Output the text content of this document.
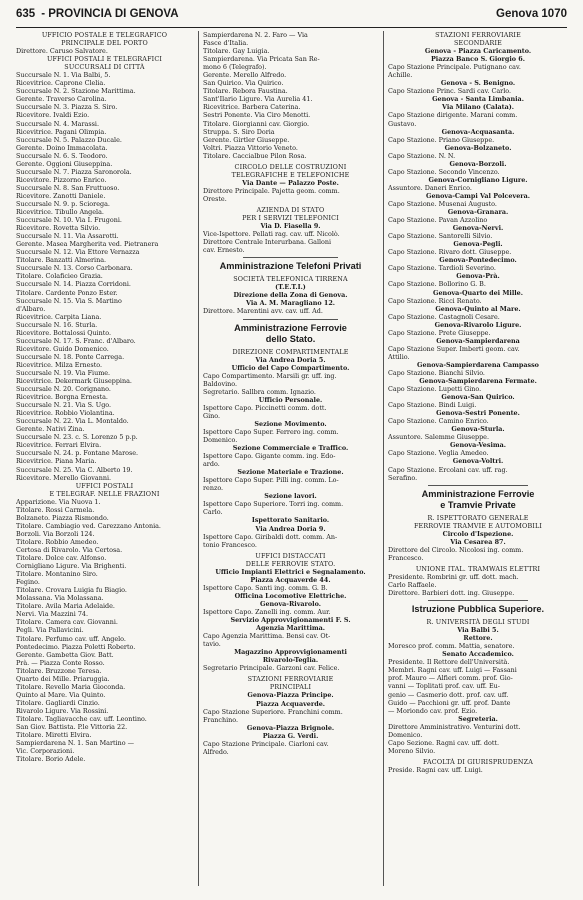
635 - PROVINCIA DI GENOVA	Genova 1070
UFFICIO POSTALE E TELEGRAFICO
PRINCIPALE DEL PORTO
Direttore. Caruso Salvatore.
UFFICI POSTALI E TELEGRAFICI
SUCCURSALI DI CITTÀ
Succursale N. 1. Via Balbi, 5.
Ricevitrice. Caprone Clelia.
Succursale N. 2. Stazione Marittima.
Gerente. Traverso Carolina.
Succursale N. 3. Piazza S. Siro.
Ricevitore. Ivaldi Ezio.
Succursale N. 4. Marassi.
Ricevitrice. Pagani Olimpia.
Succursale N. 5. Palazzo Ducale.
Gerente. Doino Immacolata.
Succursale N. 6. S. Teodoro.
Gerente. Oggioni Giuseppina.
Succursale N. 7. Piazza Saronorola.
Ricevitore. Pizzorno Enrico.
Succursale N. 8. San Fruttuoso.
Ricevitore. Zanotti Daniele.
Succursale N. 9. p. Sciorega.
Ricevitrice. Tibullo Angela.
Succursale N. 10. Via I. Frugoni.
Ricevitore. Rovetta Silvio.
Succursale N. 11. Via Assarotti.
Gerente. Masea Margherita ved. Pietranera
Succursale N. 12. Via Ettore Vernazza
Titolare. Banzatti Almerina.
Succursale N. 13. Corso Carbonara.
Titolare. Colaficieo Grazia.
Succursale N. 14. Piazza Corridoni.
Titolare. Cardente Ponzo Ester.
Succursale N. 15. Via S. Martino
d'Albaro.
Ricevitrice. Carpita Liana.
Succursale N. 16. Sturla.
Ricevitore. Bottalossi Quinto.
Succursale N. 17. S. Franc. d'Albaro.
Ricevitore. Guido Domenico.
Succursale N. 18. Ponte Carrega.
Ricevitrice. Milza Ernesto.
Succursale N. 19. Via Fiume.
Ricevitrice. Dekermark Giuseppina.
Succursale N. 20. Corignano.
Ricevitrice. Borgna Ernesta.
Succursale N. 21. Via S. Ugo.
Ricevitrice. Robbio Violantina.
Succursale N. 22. Via L. Montaldo.
Gerente. Nativi Zina.
Succursale N. 23. c. S. Lorenzo 5 p.p.
Ricevitrice. Ferrari Elvira.
Succursale N. 24. p. Fontane Marose.
Ricevitrice. Piana Maria.
Succursale N. 25. Via C. Alberto 19.
Ricevitore. Merello Giovanni.
UFFICI POSTALI
E TELEGRAF. NELLE FRAZIONI
Apparizione. Via Nuova 1.
Titolare. Rossi Carmela.
Bolzaneto. Piazza Rismondo.
Titolare. Cambiagio ved. Carezzano Antonia.
Borzoli. Via Borzoli 124.
Titolare. Robbio Amedeo.
Certosa di Rivarolo. Via Certosa.
Titolare. Dolce cav. Alfonso.
Cornigliano Ligure. Via Brighenti.
Titolare. Montanino Siro.
Fegino.
Titolare. Crovara Luigia fu Biagio.
Molassana. Via Molassana.
Titolare. Avila Maria Adelaide.
Nervi. Via Mazzini 74.
Titolare. Camera cav. Giovanni.
Pegli. Via Pallavicini.
Titolare. Perfumo cav. uff. Angelo.
Pontedecimo. Piazza Poletti Roberto.
Gerente. Gambetta Giov. Batt.
Prà. — Piazza Conte Rosso.
Titolare. Bruzzone Teresa.
Quarto dei Mille. Priaruggia.
Titolare. Revello Maria Gioconda.
Quinto al Mare. Via Quinto.
Titolare. Gagliardi Cinzio.
Rivarolo Ligure. Via Rossini.
Titolare. Tagliavacche cav. uff. Leontino.
San Giov. Battista. P.le Vittoria 22.
Titolare. Miretti Elvira.
Sampierdarena N. 1. San Martino —
Vic. Corporazioni.
Titolare. Borio Adele.
Sampierdarena N. 2. Faro — Via
Fasce d'Italia.
Titolare. Gay Luigia.
Sampierdarena. Via Pricata San Re-
mono 6 (Telegrafo).
Gerente. Merello Alfredo.
San Quirico. Via Quirico.
Titolare. Rebora Faustina.
Sant'Ilario Ligure. Via Aurelia 41.
Ricevitrice. Barbera Caterina.
Sestri Ponente. Via Ciro Menotti.
Titolare. Giorgianni cav. Giorgio.
Struppa. S. Siro Doria
Gerente. Girtler Giuseppe.
Voltri. Piazza Vittorio Veneto.
Titolare. Caccialbue Pilon Rosa.
CIRCOLO DELLE COSTRUZIONI
TELEGRAFICHE E TELEFONICHE
Via Dante — Palazzo Poste.
Direttore Principale. Pajetta geom. comm.
Oreste.
AZIENDA DI STATO
PER I SERVIZI TELEFONICI
Via D. Fiasella 9.
Vice-Ispettore. Pellati rag. cav. uff. Nicolò.
Direttore Centrale Interurbana. Galloni
cav. Ernesto.
Amministrazione Telefoni Privati
SOCIETÀ TELEFONICA TIRRENA
(T.E.T.I.)
Direzione della Zona di Genova.
Via A. M. Maragliano 12.
Direttore. Marentini avv. cav. uff. Ad.
Amministrazione Ferrovie
dello Stato.
DIREZIONE COMPARTIMENTALE
Via Andrea Doria 5.
Ufficio del Capo Compartimento.
Capo Compartimento. Marsili gr. uff. ing.
Baldovino.
Segretario. Sallbra comm. Ignazio.
Ufficio Personale.
Ispettore Capo. Piccinetti comm. dott.
Gino.
Sezione Movimento.
Ispettore Capo Super. Ferrero ing. comm.
Domenico.
Sezione Commerciale e Traffico.
Ispettore Capo. Gigante comm. ing. Edo-
ardo.
Sezione Materiale e Trazione.
Ispettore Capo Super. Pilli ing. comm. Lo-
renzo.
Sezione lavori.
Ispettore Capo Superiore. Torri ing. comm.
Carlo.
Ispettorato Sanitario.
Via Andrea Doria 9.
Ispettore Capo. Giribaldi dott. comm. An-
tonio Francesco.
UFFICI DISTACCATI
DELLE FERROVIE STATO.
Ufficio Impianti Elettrici e Segnalamento.
Piazza Acquaverde 44.
Ispettore Capo. Santi ing. comm. G. B.
Officina Locomotive Elettriche.
Genova-Rivarolo.
Ispettore Capo. Zanelli ing. comm. Aur.
Servizio Approvvigionamenti F. S.
Agenzia Marittima.
Capo Agenzia Marittima. Bensi cav. Ot-
tavio.
Magazzino Approvvigionamenti
Rivarolo-Teglia.
Segretario Principale. Garzoni cav. Felice.
STAZIONI FERROVIARIE
PRINCIPALI
Genova-Piazza Principe.
Piazza Acquaverde.
Capo Stazione Superiore. Franchini comm.
Franchino.
Genova-Piazza Brignole.
Piazza G. Verdi.
Capo Stazione Principale. Ciarloni cav.
Alfredo.
STAZIONI FERROVIARIE
SECONDARIE
Genova - Piazza Caricamento.
Piazza Banco S. Giorgio 6.
Capo Stazione Principale. Putignano cav.
Achille.
Genova - S. Benigno.
Capo Stazione Princ. Sardi cav. Carlo.
Genova - Santa Limbania.
Via Milano (Calata).
Capo Stazione dirigente. Marani comm.
Gustavo.
Genova-Acquasanta.
Capo Stazione. Priano Giuseppe.
Genova-Bolzaneto.
Capo Stazione. N. N.
Genova-Borzoli.
Capo Stazione. Secondo Vincenzo.
Genova-Cornigliano Ligure.
Assuntore. Daneri Enrico.
Genova-Campi Val Polcevera.
Capo Stazione. Musenai Augusto.
Genova-Granara.
Capo Stazione. Pavan Azzolino
Genova-Nervi.
Capo Stazione. Santorelli Silvio.
Genova-Pegli.
Capo Stazione. Rivaro dott. Giuseppe.
Genova-Pontedecimo.
Capo Stazione. Tardioli Severino.
Genova-Prà.
Capo Stazione. Bollorino G. B.
Genova-Quarto dei Mille.
Capo Stazione. Ricci Renato.
Genova-Quinto al Mare.
Capo Stazione. Castagnoli Cesare.
Genova-Rivarolo Ligure.
Capo Stazione. Prete Giuseppe.
Genova-Sampierdarena
Capo Stazione Super. Imberti geom. cav.
Attilio.
Genova-Sampierdarena Campasso
Capo Stazione. Bianchi Silvio.
Genova-Sampierdarena Fermate.
Capo Stazione. Lupetti Gino.
Genova-San Quirico.
Capo Stazione. Bindi Luigi.
Genova-Sestri Ponente.
Capo Stazione. Camino Enrico.
Genova-Sturla.
Assuntore. Salemme Giuseppe.
Genova-Vesima.
Capo Stazione. Veglia Amedeo.
Genova-Voltri.
Capo Stazione. Ercolani cav. uff. rag.
Serafino.
Amministrazione Ferrovie
e Tramvie Private
R. ISPETTORATO GENERALE
FERROVIE TRAMVIE E AUTOMOBILI
Circolo d'Ispezione.
Via Cesarea 87.
Direttore del Circolo. Nicolosi ing. comm.
Francesco.
UNIONE ITAL. TRAMWAIS ELETTRI
Presidente. Rombrini gr. uff. dott. mach.
Carlo Raffaele.
Direttore. Barbieri dott. ing. Giuseppe.
Istruzione Pubblica Superiore.
R. UNIVERSITÀ DEGLI STUDI
Via Balbi 5.
Rettore.
Moresco prof. comm. Mattia, senatore.
Senato Accademico.
Presidente. Il Rettore dell'Università.
Membri. Ragni cav. uff. Luigi — Fassani
prof. Mauro — Alfieri comm. prof. Gio-
vanni — Toplitati prof. cav. uff. Eu-
genio — Casmerio dott. prof. cav. uff.
Guido — Pacchioni gr. uff. prof. Dante
— Moriondo cav. prof. Ezio.
Segreteria.
Direttore Amministrativo. Venturini dott.
Domenico.
Capo Sezione. Ragni cav. uff. dott.
Moreno Silvio.
FACOLTÀ DI GIURISPRUDENZA
Preside. Ragni cav. uff. Luigi.
